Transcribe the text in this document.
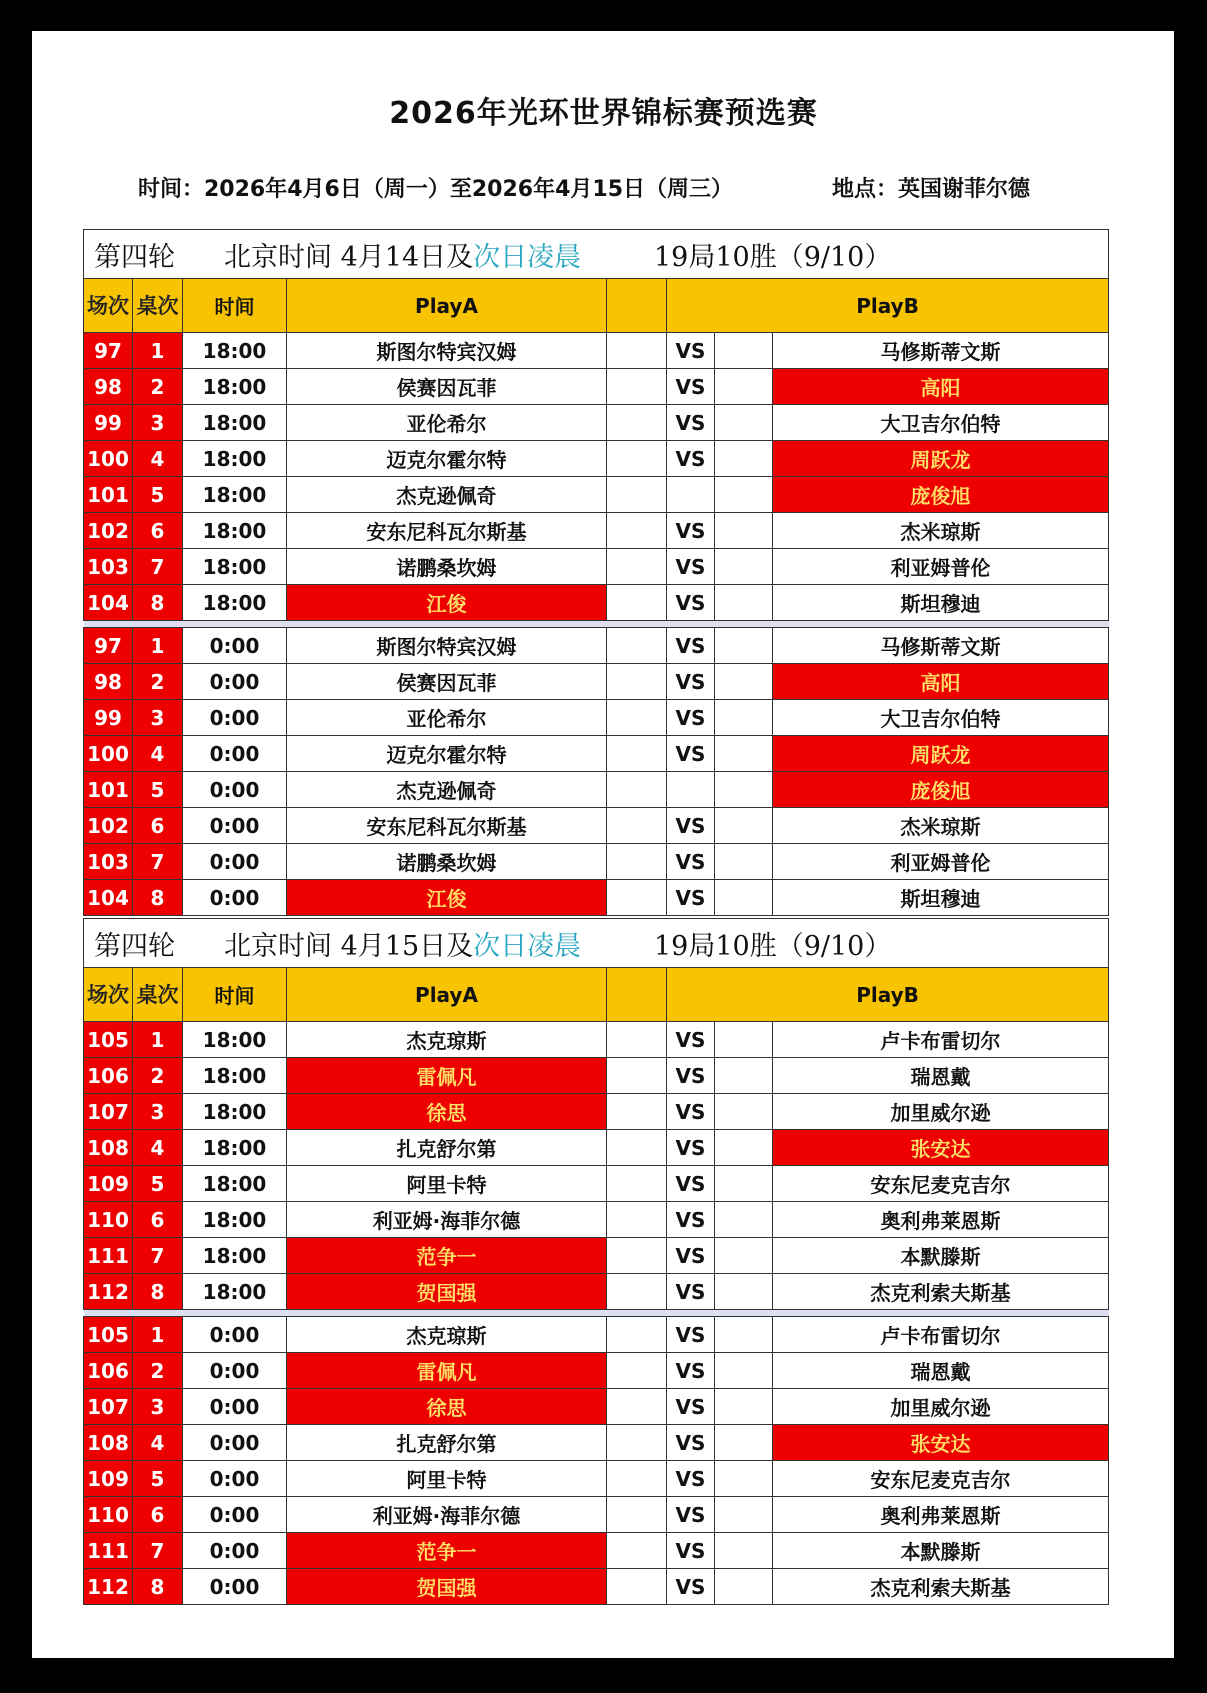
2026年光环世界锦标赛预选赛
时间：2026年4月6日（周一）至2026年4月15日（周三）	地点：英国谢菲尔德
第四轮 北京时间 4月14日及次日凌晨 19局10胜（9/10）							
场次	桌次	时间	PlayA		PlayB		
97	1	18:00	斯图尔特宾汉姆		VS		马修斯蒂文斯
98	2	18:00	侯赛因瓦菲		VS		高阳
99	3	18:00	亚伦希尔		VS		大卫吉尔伯特
100	4	18:00	迈克尔霍尔特		VS		周跃龙
101	5	18:00	杰克逊佩奇				庞俊旭
102	6	18:00	安东尼科瓦尔斯基		VS		杰米琼斯
103	7	18:00	诺鹏桑坎姆		VS		利亚姆普伦
104	8	18:00	江俊		VS		斯坦穆迪

97	1	0:00	斯图尔特宾汉姆		VS		马修斯蒂文斯
98	2	0:00	侯赛因瓦菲		VS		高阳
99	3	0:00	亚伦希尔		VS		大卫吉尔伯特
100	4	0:00	迈克尔霍尔特		VS		周跃龙
101	5	0:00	杰克逊佩奇				庞俊旭
102	6	0:00	安东尼科瓦尔斯基		VS		杰米琼斯
103	7	0:00	诺鹏桑坎姆		VS		利亚姆普伦
104	8	0:00	江俊		VS		斯坦穆迪
第四轮 北京时间 4月15日及次日凌晨 19局10胜（9/10）							
场次	桌次	时间	PlayA		PlayB		
105	1	18:00	杰克琼斯		VS		卢卡布雷切尔
106	2	18:00	雷佩凡		VS		瑞恩戴
107	3	18:00	徐思		VS		加里威尔逊
108	4	18:00	扎克舒尔第		VS		张安达
109	5	18:00	阿里卡特		VS		安东尼麦克吉尔
110	6	18:00	利亚姆·海菲尔德		VS		奥利弗莱恩斯
111	7	18:00	范争一		VS		本默滕斯
112	8	18:00	贺国强		VS		杰克利索夫斯基

105	1	0:00	杰克琼斯		VS		卢卡布雷切尔
106	2	0:00	雷佩凡		VS		瑞恩戴
107	3	0:00	徐思		VS		加里威尔逊
108	4	0:00	扎克舒尔第		VS		张安达
109	5	0:00	阿里卡特		VS		安东尼麦克吉尔
110	6	0:00	利亚姆·海菲尔德		VS		奥利弗莱恩斯
111	7	0:00	范争一		VS		本默滕斯
112	8	0:00	贺国强		VS		杰克利索夫斯基
